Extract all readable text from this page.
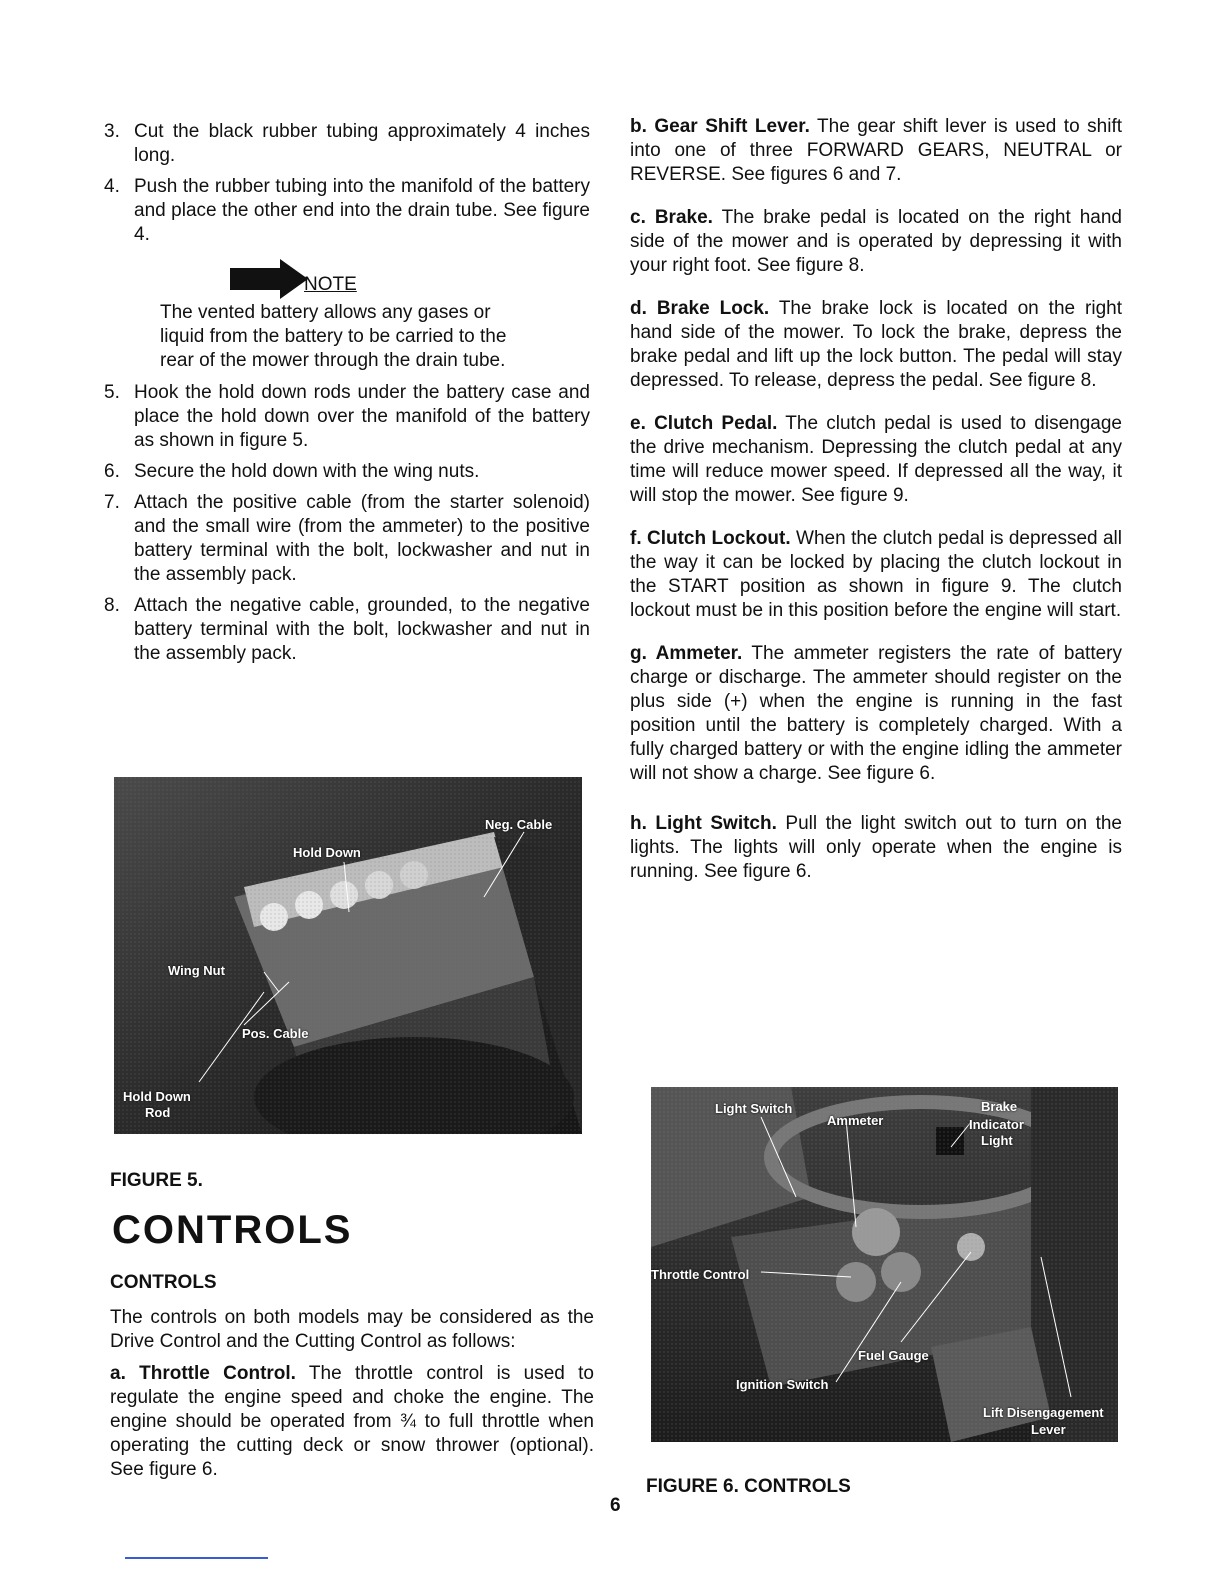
3. Cut the black rubber tubing approximately 4 inches long.
4. Push the rubber tubing into the manifold of the battery and place the other end into the drain tube. See figure 4.
NOTE
The vented battery allows any gases or liquid from the battery to be carried to the rear of the mower through the drain tube.
5. Hook the hold down rods under the battery case and place the hold down over the manifold of the battery as shown in figure 5.
6. Secure the hold down with the wing nuts.
7. Attach the positive cable (from the starter solenoid) and the small wire (from the ammeter) to the positive battery terminal with the bolt, lockwasher and nut in the assembly pack.
8. Attach the negative cable, grounded, to the negative battery terminal with the bolt, lockwasher and nut in the assembly pack.
Neg. Cable
Hold Down
Wing Nut
Pos. Cable
Hold Down
Rod
FIGURE 5.
CONTROLS
CONTROLS

The controls on both models may be considered as the Drive Control and the Cutting Control as follows:

a. Throttle Control. The throttle control is used to regulate the engine speed and choke the engine. The engine should be operated from ¾ to full throttle when operating the cutting deck or snow thrower (optional). See figure 6.

b. Gear Shift Lever. The gear shift lever is used to shift into one of three FORWARD GEARS, NEUTRAL or REVERSE. See figures 6 and 7.

c. Brake. The brake pedal is located on the right hand side of the mower and is operated by depressing it with your right foot. See figure 8.

d. Brake Lock. The brake lock is located on the right hand side of the mower. To lock the brake, depress the brake pedal and lift up the lock button. The pedal will stay depressed. To release, depress the pedal. See figure 8.

e. Clutch Pedal. The clutch pedal is used to disengage the drive mechanism. Depressing the clutch pedal at any time will reduce mower speed. If depressed all the way, it will stop the mower. See figure 9.

f. Clutch Lockout. When the clutch pedal is depressed all the way it can be locked by placing the clutch lockout in the START position as shown in figure 9. The clutch lockout must be in this position before the engine will start.

g. Ammeter. The ammeter registers the rate of battery charge or discharge. The ammeter should register on the plus side (+) when the engine is running in the fast position until the battery is completely charged. With a fully charged battery or with the engine idling the ammeter will not show a charge. See figure 6.

h. Light Switch. Pull the light switch out to turn on the lights. The lights will only operate when the engine is running. See figure 6.

Light Switch
Ammeter
Brake
Indicator
Light
Throttle Control
Fuel Gauge
Ignition Switch
Lift Disengagement
Lever
FIGURE 6. CONTROLS
6
